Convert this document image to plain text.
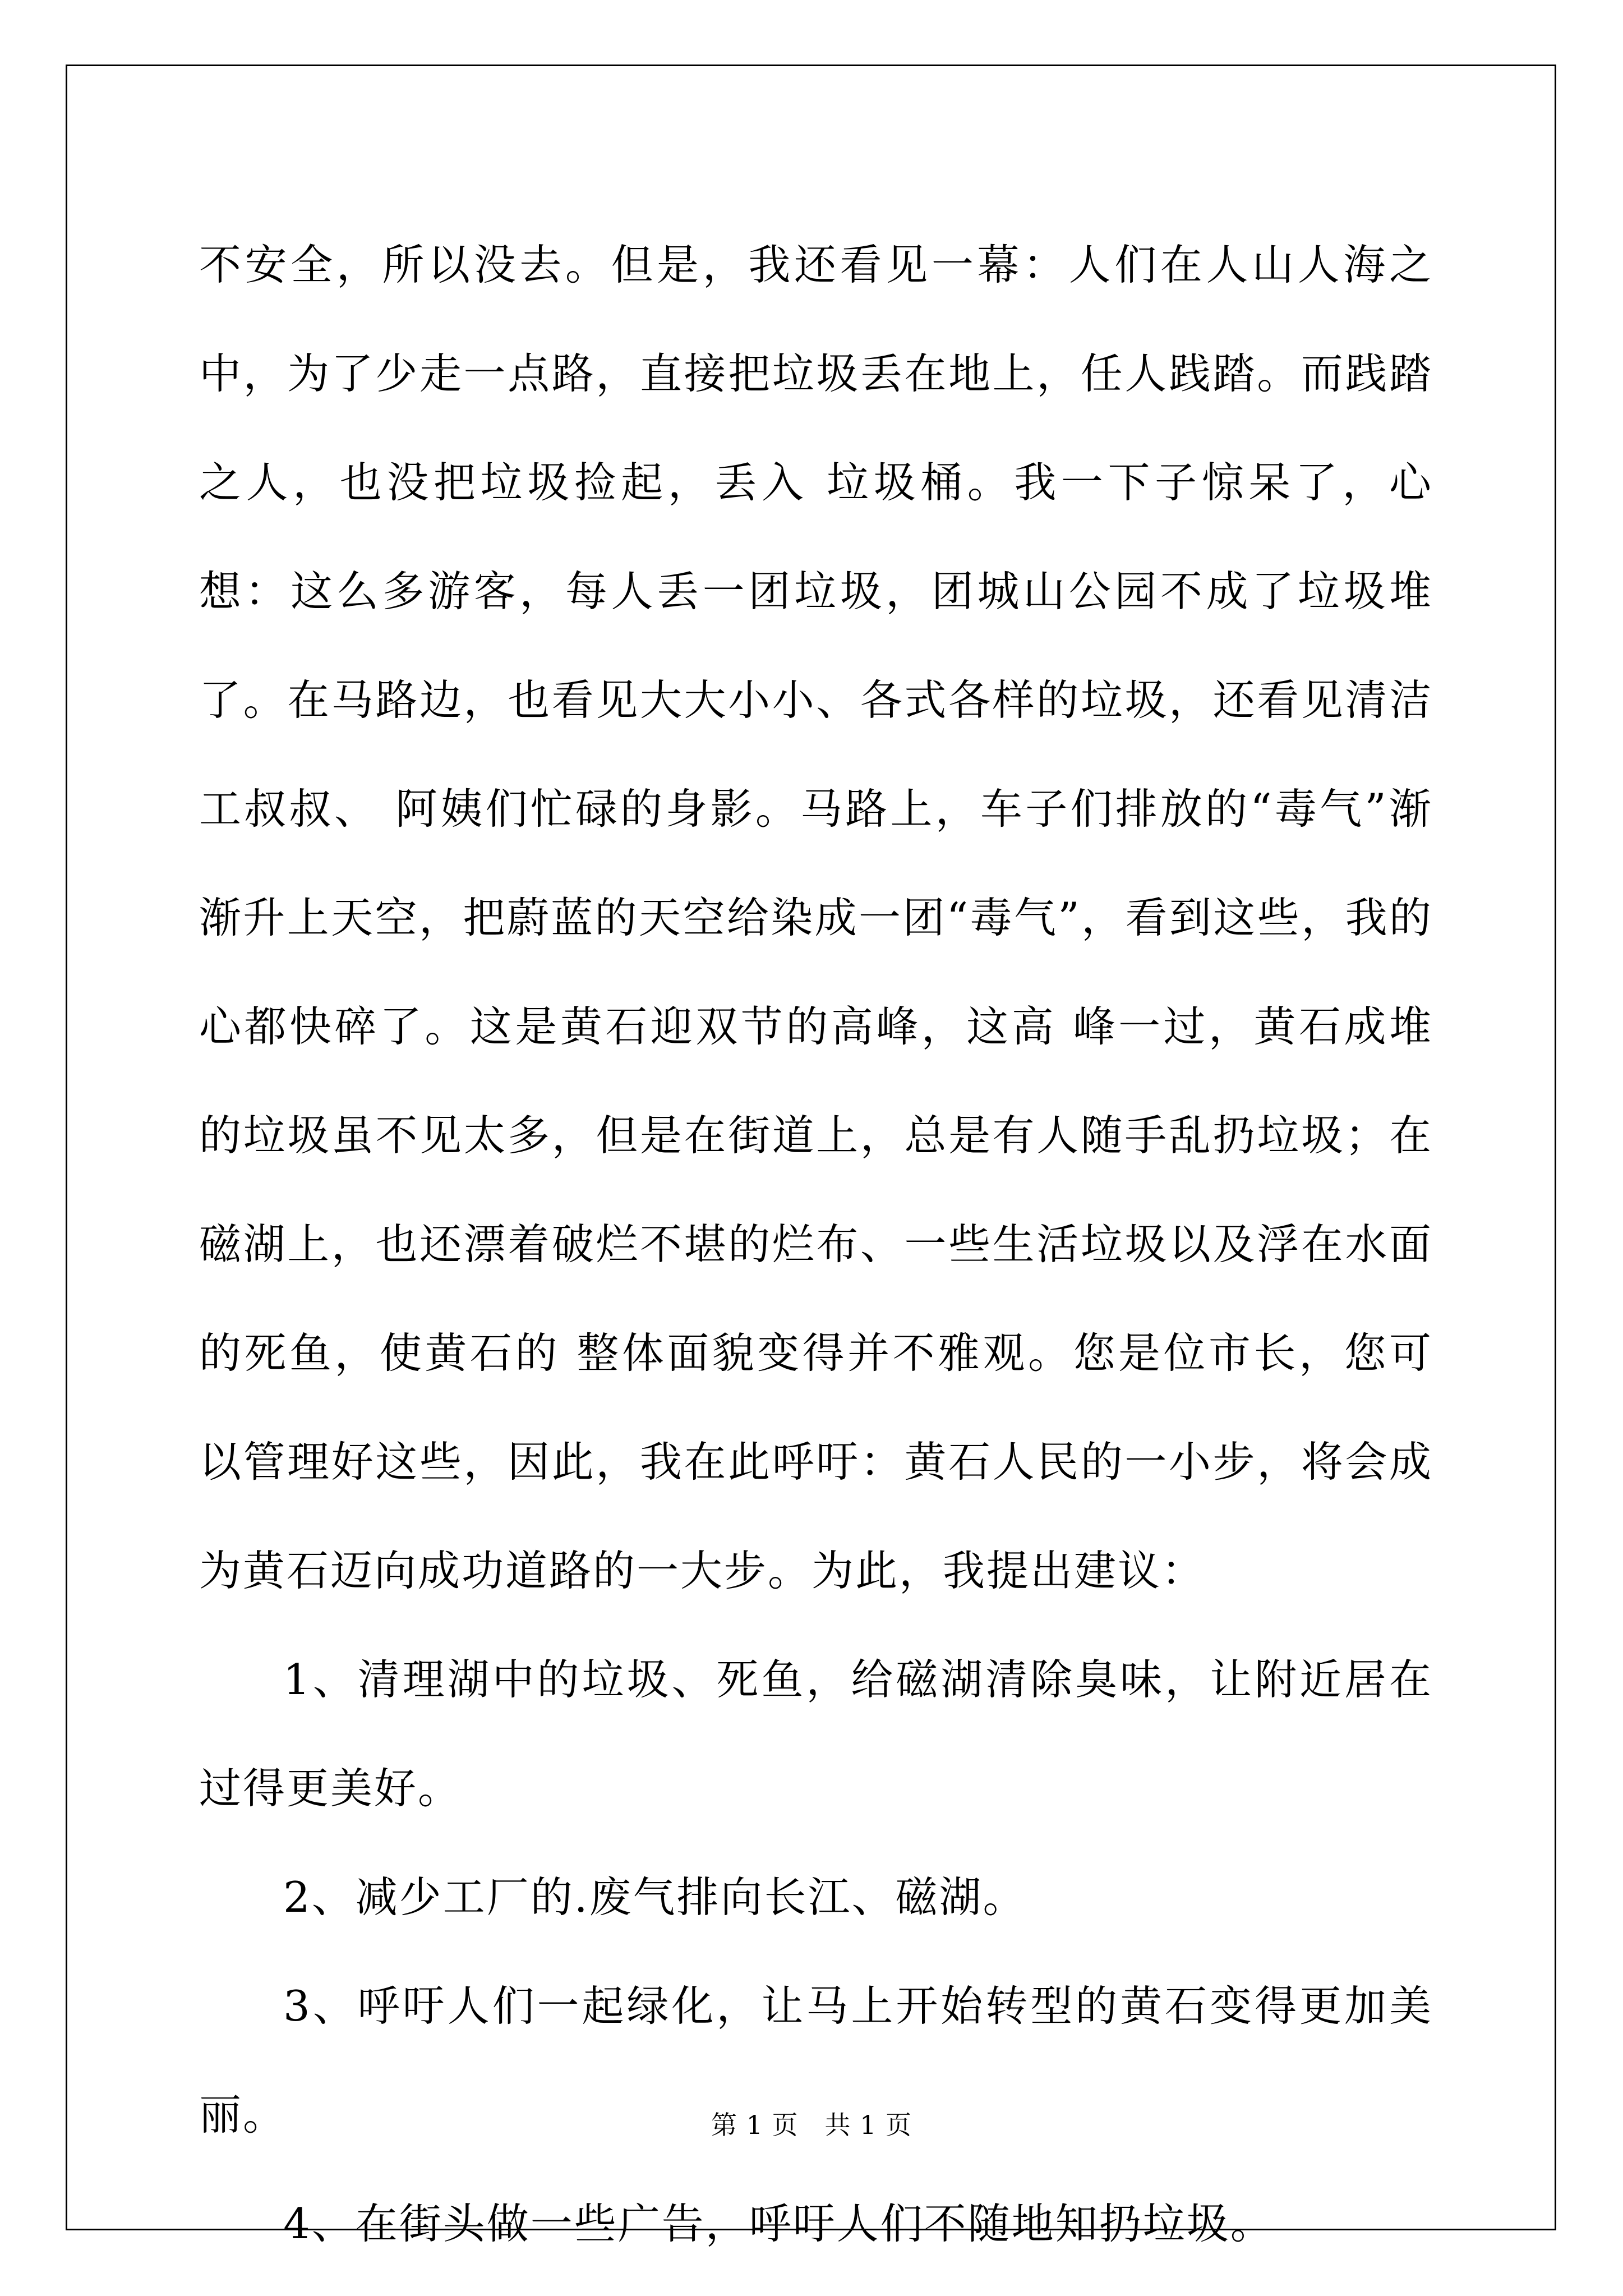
不安全，所以没去。但是，我还看见一幕：人们在人山人海之中，为了少走一点路，直接把垃圾丢在地上，任人践踏。而践踏之人，也没把垃圾捡起，丢入 垃圾桶。我一下子惊呆了，心想：这么多游客，每人丢一团垃圾，团城山公园不成了垃圾堆了。在马路边，也看见大大小小、各式各样的垃圾，还看见清洁工叔叔、 阿姨们忙碌的身影。马路上，车子们排放的“毒气”渐渐升上天空，把蔚蓝的天空给染成一团“毒气”，看到这些，我的心都快碎了。这是黄石迎双节的高峰，这高 峰一过，黄石成堆的垃圾虽不见太多，但是在街道上，总是有人随手乱扔垃圾；在磁湖上，也还漂着破烂不堪的烂布、一些生活垃圾以及浮在水面的死鱼，使黄石的 整体面貌变得并不雅观。您是位市长，您可以管理好这些，因此，我在此呼吁：黄石人民的一小步，将会成为黄石迈向成功道路的一大步。为此，我提出建议：

1、清理湖中的垃圾、死鱼，给磁湖清除臭味，让附近居在过得更美好。

2、减少工厂的.废气排向长江、磁湖。

3、呼吁人们一起绿化，让马上开始转型的黄石变得更加美丽。

4、在街头做一些广告，呼吁人们不随地知扔垃圾。

第 1 页　共 1 页
